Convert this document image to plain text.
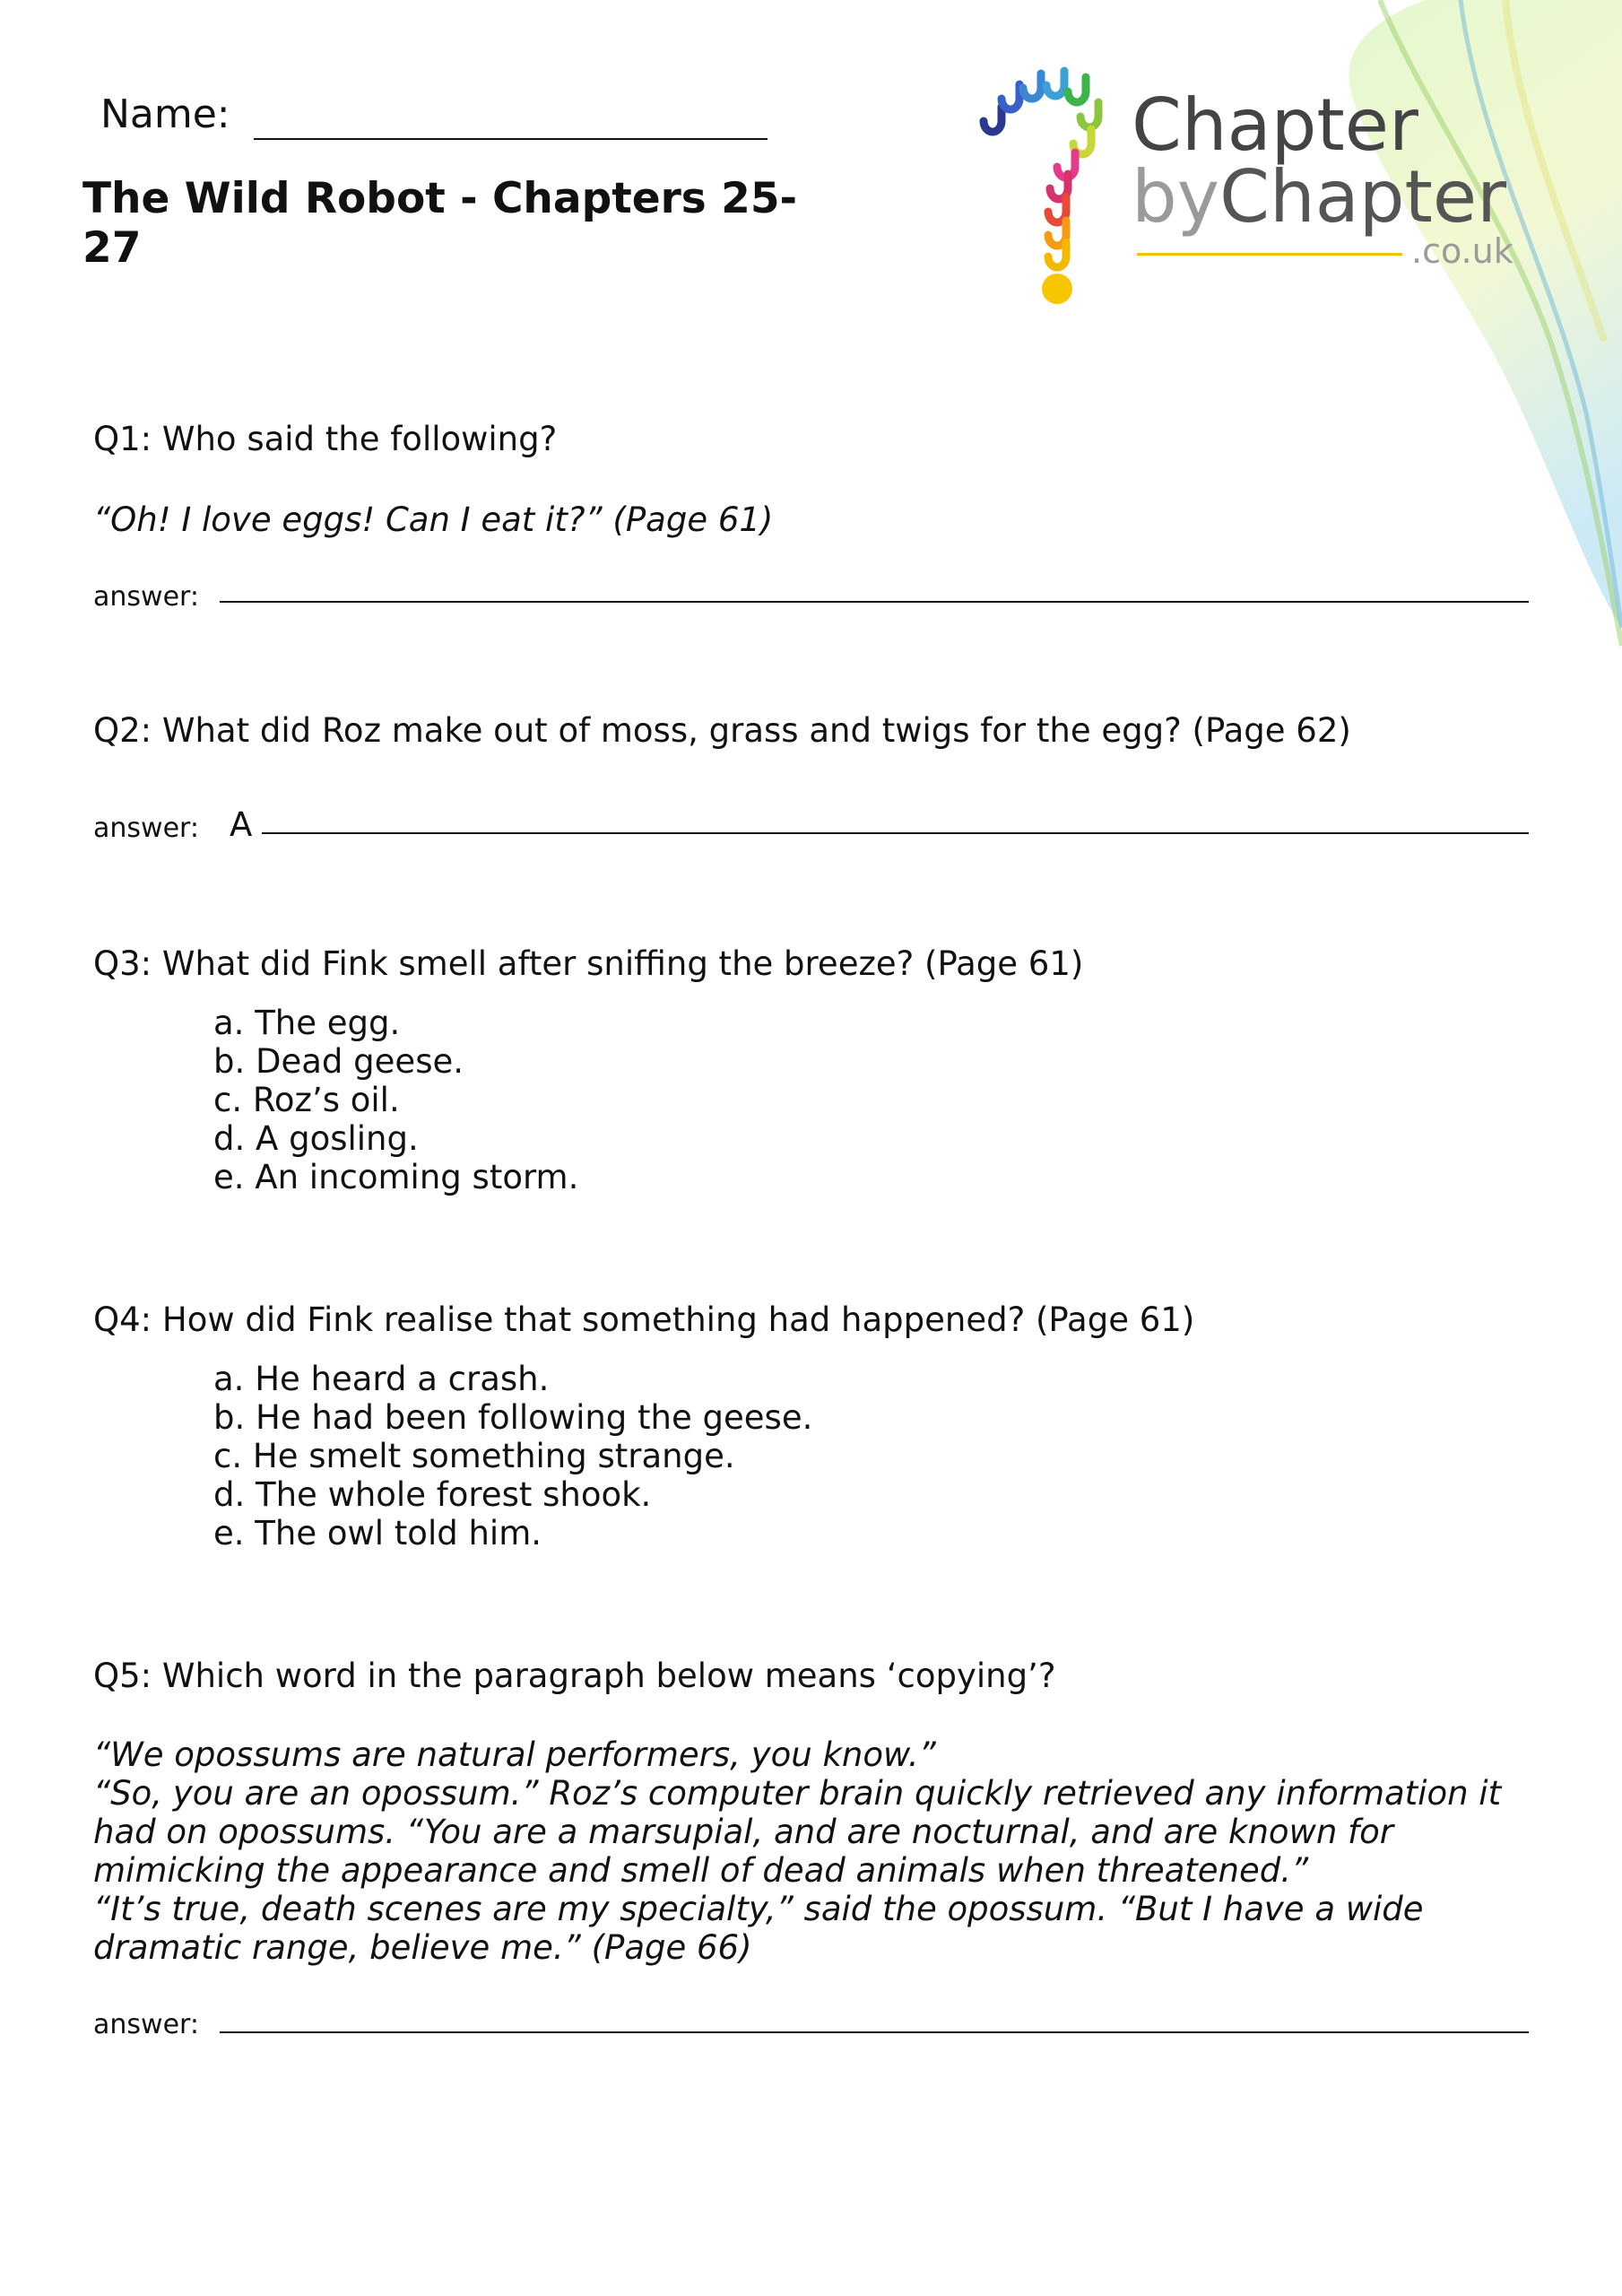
Name:
The Wild Robot - Chapters 25-27
Chapter
byChapter
.co.uk
Q1: Who said the following?
“Oh! I love eggs! Can I eat it?” (Page 61)
answer:
Q2: What did Roz make out of moss, grass and twigs for the egg? (Page 62)
answer: A
Q3: What did Fink smell after sniffing the breeze? (Page 61)
a. The egg.
b. Dead geese.
c. Roz’s oil.
d. A gosling.
e. An incoming storm.
Q4: How did Fink realise that something had happened? (Page 61)
a. He heard a crash.
b. He had been following the geese.
c. He smelt something strange.
d. The whole forest shook.
e. The owl told him.
Q5: Which word in the paragraph below means ‘copying’?
“We opossums are natural performers, you know.”
“So, you are an opossum.” Roz’s computer brain quickly retrieved any information it
had on opossums. “You are a marsupial, and are nocturnal, and are known for
mimicking the appearance and smell of dead animals when threatened.”
“It’s true, death scenes are my specialty,” said the opossum. “But I have a wide
dramatic range, believe me.” (Page 66)
answer:
